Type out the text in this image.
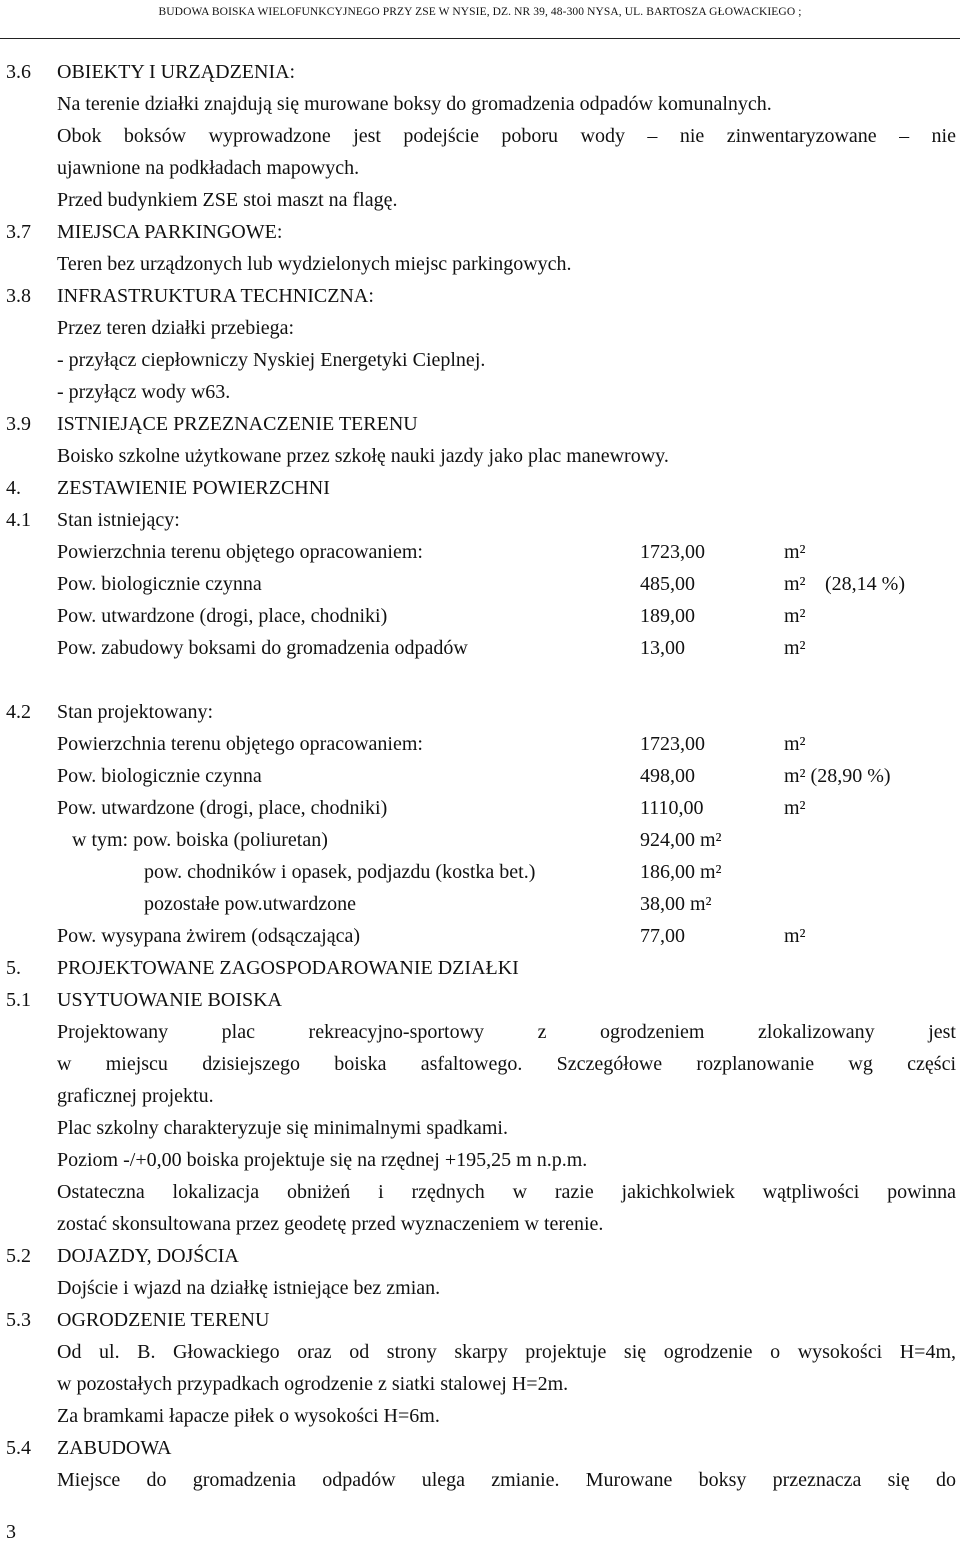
BUDOWA BOISKA WIELOFUNKCYJNEGO PRZY ZSE W NYSIE, DZ. NR 39, 48-300 NYSA, UL. BARTOSZA GŁOWACKIEGO ;
3.6 OBIEKTY I URZĄDZENIA:
Na terenie działki znajdują się murowane boksy do gromadzenia odpadów komunalnych.
Obok boksów wyprowadzone jest podejście poboru wody – nie zinwentaryzowane – nie
ujawnione na podkładach mapowych.
Przed budynkiem ZSE stoi maszt na flagę.
3.7 MIEJSCA PARKINGOWE:
Teren bez urządzonych lub wydzielonych miejsc parkingowych.
3.8 INFRASTRUKTURA TECHNICZNA:
Przez teren działki przebiega:
- przyłącz ciepłowniczy Nyskiej Energetyki Cieplnej.
- przyłącz wody w63.
3.9 ISTNIEJĄCE PRZEZNACZENIE TERENU
Boisko szkolne użytkowane przez szkołę nauki jazdy jako plac manewrowy.
4. ZESTAWIENIE POWIERZCHNI
4.1 Stan istniejący:
Powierzchnia terenu objętego opracowaniem:	1723,00	m²
Pow. biologicznie czynna	485,00	m² (28,14 %)
Pow. utwardzone (drogi, place, chodniki)	189,00	m²
Pow. zabudowy boksami do gromadzenia odpadów	13,00	m²
4.2 Stan projektowany:
Powierzchnia terenu objętego opracowaniem:	1723,00	m²
Pow. biologicznie czynna	498,00	m² (28,90 %)
Pow. utwardzone (drogi, place, chodniki)	1110,00	m²
w tym: pow. boiska (poliuretan)	924,00 m²
pow. chodników i opasek, podjazdu (kostka bet.)	186,00 m²
pozostałe pow.utwardzone	38,00 m²
Pow. wysypana żwirem (odsączająca)	77,00	m²
5. PROJEKTOWANE ZAGOSPODAROWANIE DZIAŁKI
5.1 USYTUOWANIE BOISKA
Projektowany plac rekreacyjno-sportowy z ogrodzeniem zlokalizowany jest
w miejscu dzisiejszego boiska asfaltowego. Szczegółowe rozplanowanie wg części
graficznej projektu.
Plac szkolny charakteryzuje się minimalnymi spadkami.
Poziom -/+0,00 boiska projektuje się na rzędnej +195,25 m n.p.m.
Ostateczna lokalizacja obniżeń i rzędnych w razie jakichkolwiek wątpliwości powinna
zostać skonsultowana przez geodetę przed wyznaczeniem w terenie.
5.2 DOJAZDY, DOJŚCIA
Dojście i wjazd na działkę istniejące bez zmian.
5.3 OGRODZENIE TERENU
Od ul. B. Głowackiego oraz od strony skarpy projektuje się ogrodzenie o wysokości H=4m,
w pozostałych przypadkach ogrodzenie z siatki stalowej H=2m.
Za bramkami łapacze piłek o wysokości H=6m.
5.4 ZABUDOWA
Miejsce do gromadzenia odpadów ulega zmianie. Murowane boksy przeznacza się do
3
